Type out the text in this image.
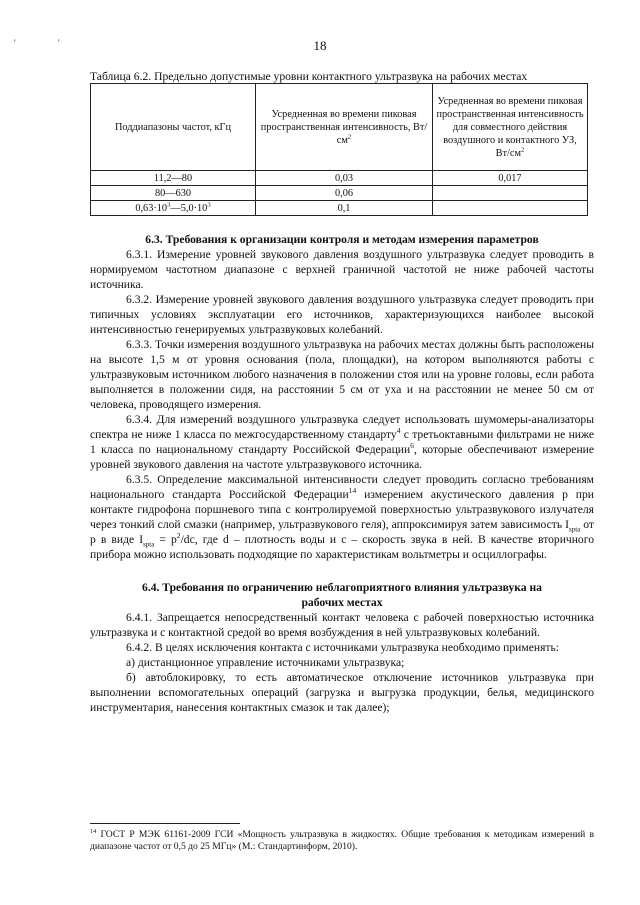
'	'	18
Таблица 6.2. Предельно допустимые уровни контактного ультразвука на рабочих местах
Поддиапазоны частот, кГц	Усредненная во времени пиковая пространственная интенсивность, $Вт/см^2$	Усредненная во времени пиковая пространственная интенсивность для совместного действия воздушного и контактного УЗ, $Вт/см^2$
11,2—80	0,03	0,017
80—630	0,06	
$0,63\cdot 10^3—5,0\cdot 10^3$	0,1	
6.3. Требования к организации контроля и методам измерения параметров

6.3.1. Измерение уровней звукового давления воздушного ультразвука следует проводить в нормируемом частотном диапазоне с верхней граничной частотой не ниже рабочей частоты источника.

6.3.2. Измерение уровней звукового давления воздушного ультразвука следует проводить при типичных условиях эксплуатации его источников, характеризующихся наиболее высокой интенсивностью генерируемых ультразвуковых колебаний.

6.3.3. Точки измерения воздушного ультразвука на рабочих местах должны быть расположены на высоте 1,5 м от уровня основания (пола, площадки), на котором выполняются работы с ультразвуковым источником любого назначения в положении стоя или на уровне головы, если работа выполняется в положении сидя, на расстоянии 5 см от уха и на расстоянии не менее 50 см от человека, проводящего измерения.

6.3.4. Для измерений воздушного ультразвука следует использовать шумомеры-анализаторы спектра не ниже 1 класса по межгосударственному стандарту$^4$ с третьоктавными фильтрами не ниже 1 класса по национальному стандарту Российской Федерации$^6$, которые обеспечивают измерение уровней звукового давления на частоте ультразвукового источника.

6.3.5. Определение максимальной интенсивности следует проводить согласно требованиям национального стандарта Российской Федерации$^{14}$ измерением акустического давления р при контакте гидрофона поршневого типа с контролируемой поверхностью ультразвукового излучателя через тонкий слой смазки (например, ультразвукового геля), аппроксимируя затем зависимость $I_{spta}$ от р в виде $I_{spta} = р^2/dс$, где d – плотность воды и с – скорость звука в ней. В качестве вторичного прибора можно использовать подходящие по характеристикам вольтметры и осциллографы.

6.4. Требования по ограничению неблагоприятного влияния ультразвука на
рабочих местах

6.4.1. Запрещается непосредственный контакт человека с рабочей поверхностью источника ультразвука и с контактной средой во время возбуждения в ней ультразвуковых колебаний.

6.4.2. В целях исключения контакта с источниками ультразвука необходимо применять:

а) дистанционное управление источниками ультразвука;

б) автоблокировку, то есть автоматическое отключение источников ультразвука при выполнении вспомогательных операций (загрузка и выгрузка продукции, белья, медицинского инструментария, нанесения контактных смазок и так далее);

$^{14}$ ГОСТ Р МЭК 61161-2009 ГСИ «Мощность ультразвука в жидкостях. Общие требования к методикам измерений в диапазоне частот от 0,5 до 25 МГц» (М.: Стандартинформ, 2010).
